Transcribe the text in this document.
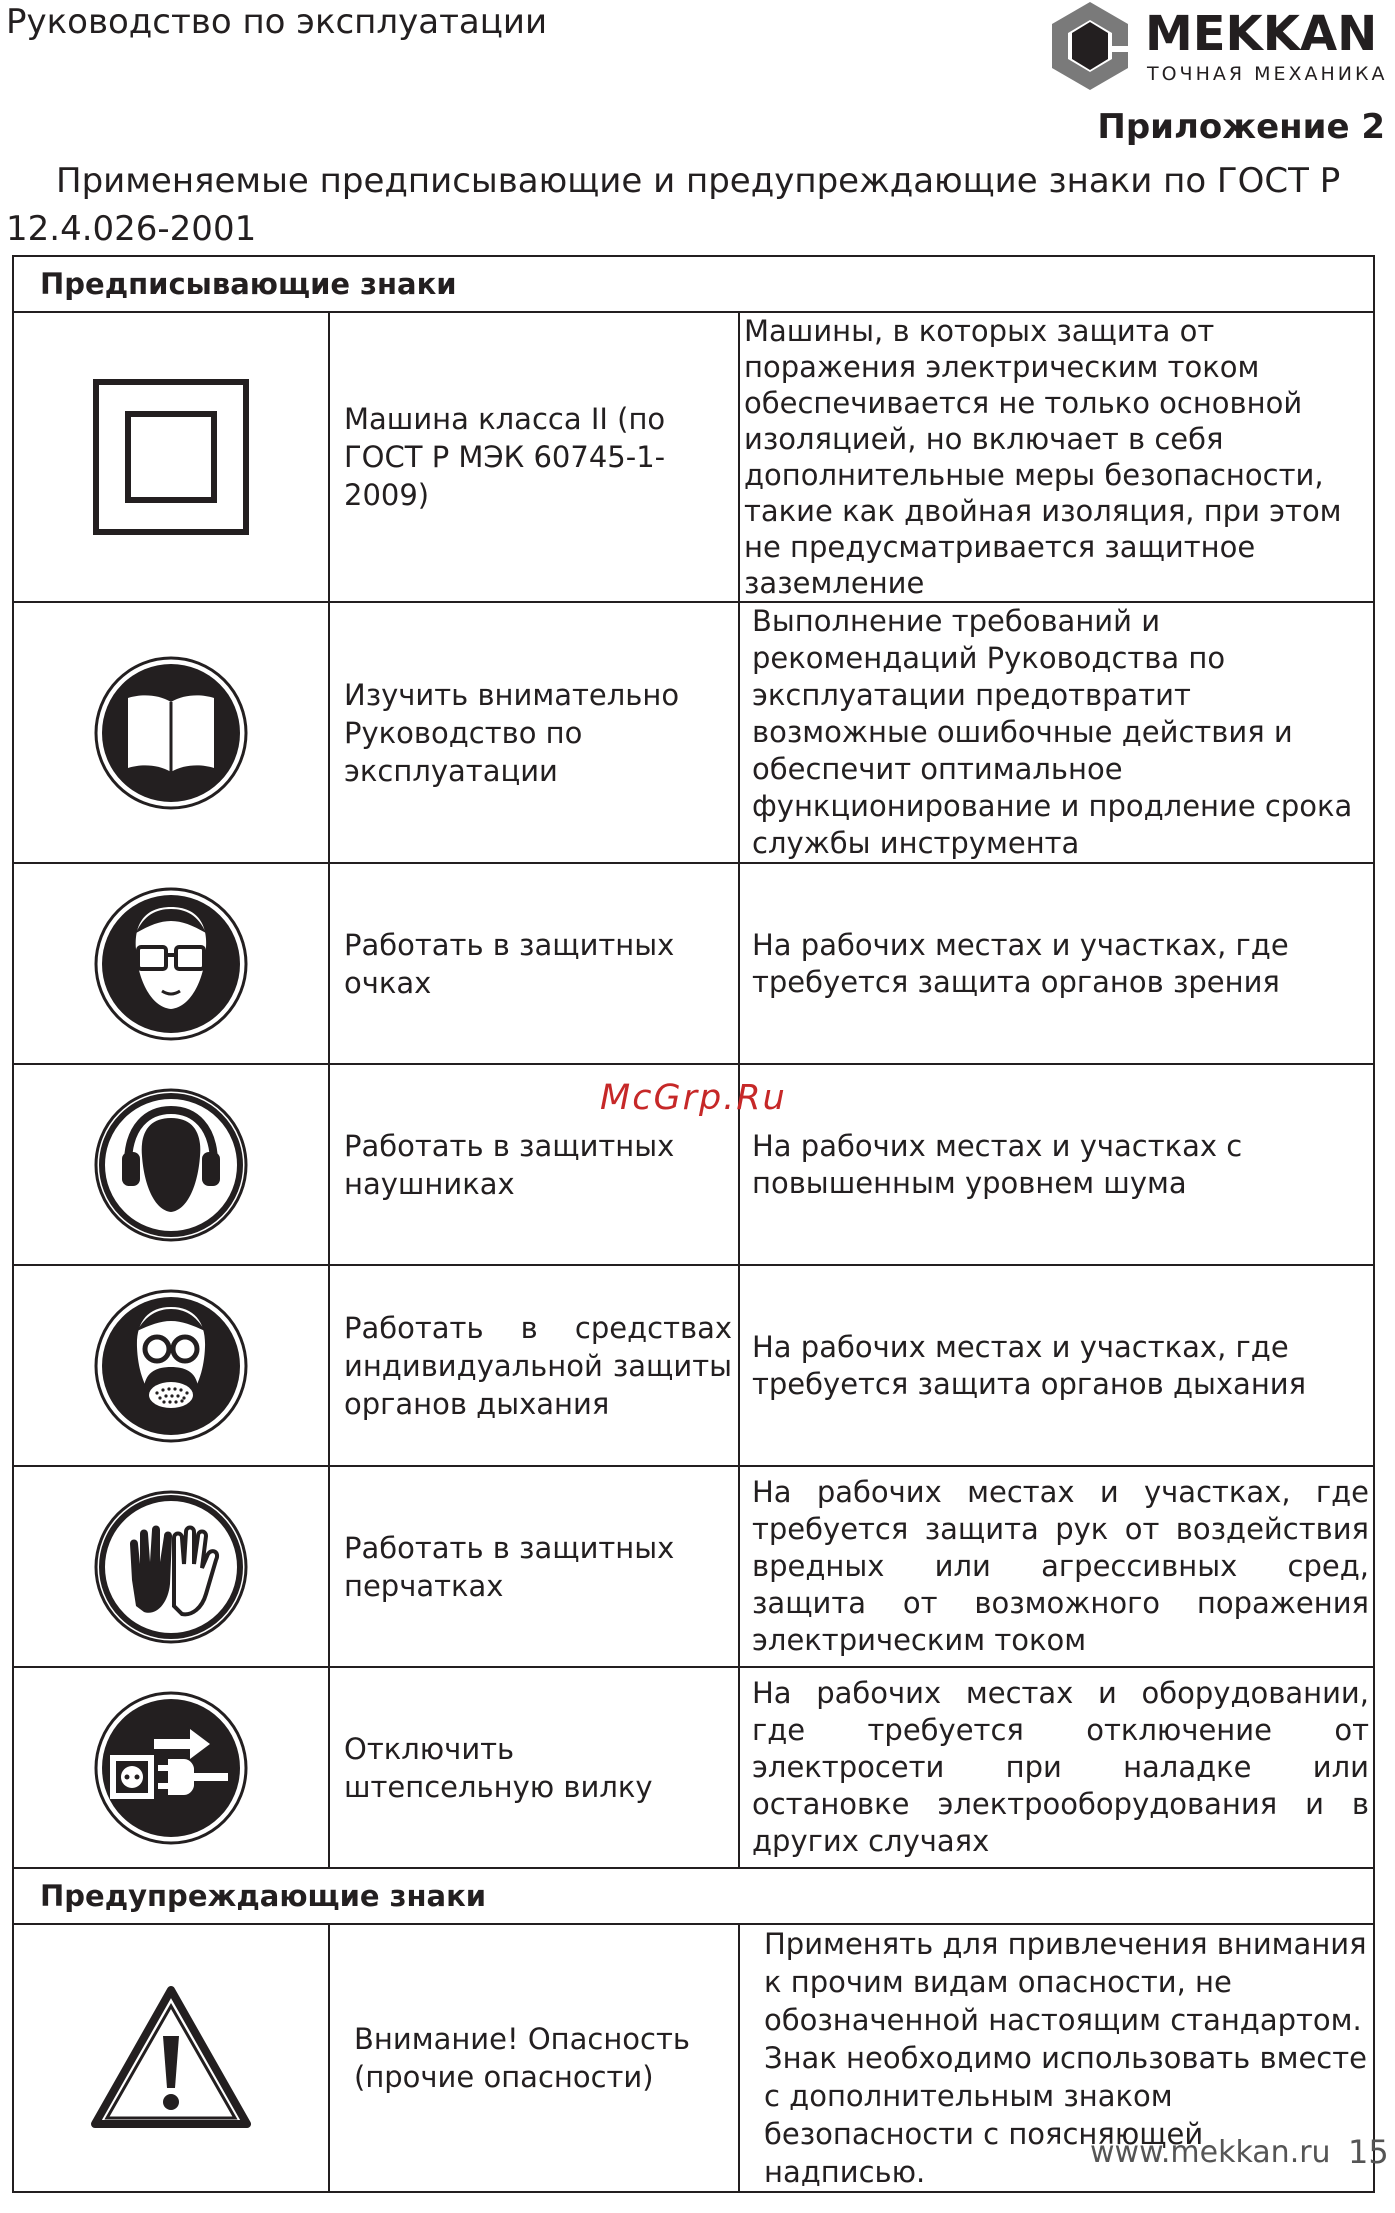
Руководство по эксплуатации	MEKKAN
ТОЧНАЯ МЕХАНИКА
Приложение 2
Применяемые предписывающие и предупреждающие знаки по ГОСТ Р 12.4.026-2001
Предписывающие знаки		

	Машина класса II (по ГОСТ Р МЭК 60745-1-2009)	Машины, в которых защита от поражения электрическим током обеспечивается не только основной изоляцией, но включает в себя дополнительные меры безопасности, такие как двойная изоляция, при этом не предусматривается защитное заземление

	Изучить внимательно Руководство по эксплуатации	Выполнение требований и рекомендаций Руководства по эксплуатации предотвратит возможные ошибочные действия и обеспечит оптимальное функционирование и продление срока службы инструмента

	Работать в защитных очках	На рабочих местах и участках, где требуется защита органов зрения

	Работать в защитных наушниках	На рабочих местах и участках с повышенным уровнем шума

	Работать в средствах индивидуальной защиты органов дыхания	На рабочих местах и участках, где требуется защита органов дыхания

	Работать в защитных перчатках	На рабочих местах и участках, где требуется защита рук от воздействия вредных или агрессивных сред, защита от возможного поражения электрическим током

	Отключить штепсельную вилку	На рабочих местах и оборудовании, где требуется отключение от электросети при наладке или остановке электрооборудования и в других случаях
Предупреждающие знаки		

	Внимание! Опасность (прочие опасности)	Применять для привлечения внимания к прочим видам опасности, не обозначенной настоящим стандартом. Знак необходимо использовать вместе с дополнительным знаком безопасности с поясняющей надписью.
McGrp.Ru
www.mekkan.ru 15
